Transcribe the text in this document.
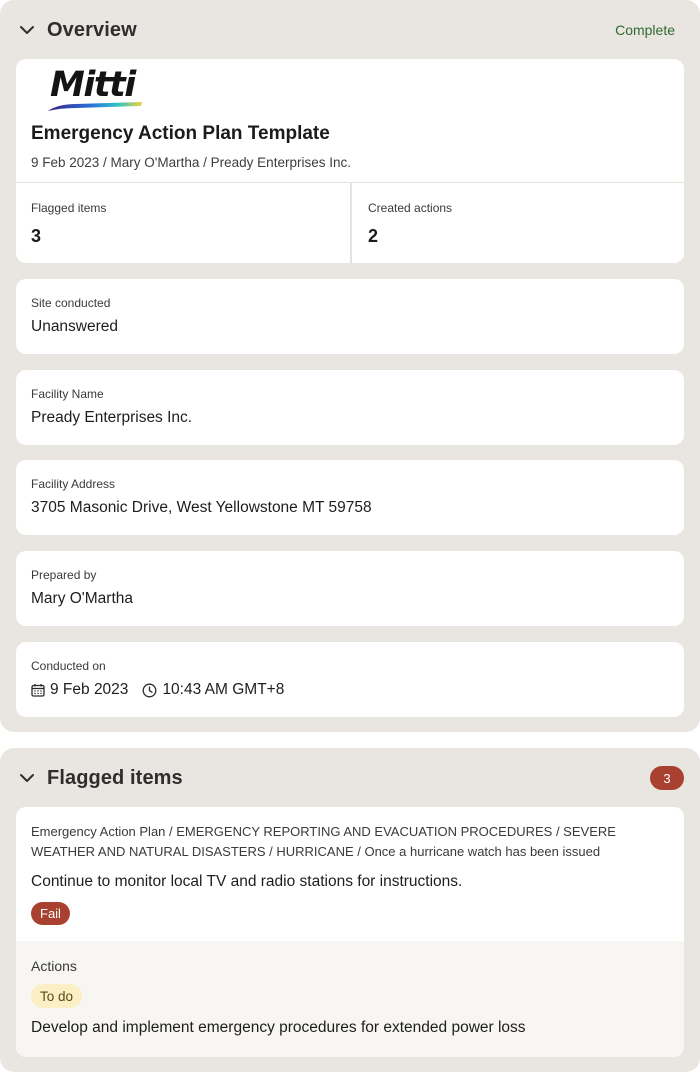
Overview	Complete
Mitti
Emergency Action Plan Template
9 Feb 2023 / Mary O'Martha / Pready Enterprises Inc.
Flagged items
3
Created actions
2
Site conducted
Unanswered
Facility Name
Pready Enterprises Inc.
Facility Address
3705 Masonic Drive, West Yellowstone MT 59758
Prepared by
Mary O'Martha
Conducted on
9 Feb 2023 10:43 AM GMT+8
Flagged items	3
Emergency Action Plan / EMERGENCY REPORTING AND EVACUATION PROCEDURES / SEVERE WEATHER AND NATURAL DISASTERS / HURRICANE / Once a hurricane watch has been issued
Continue to monitor local TV and radio stations for instructions.
Fail
Actions
To do
Develop and implement emergency procedures for extended power loss
